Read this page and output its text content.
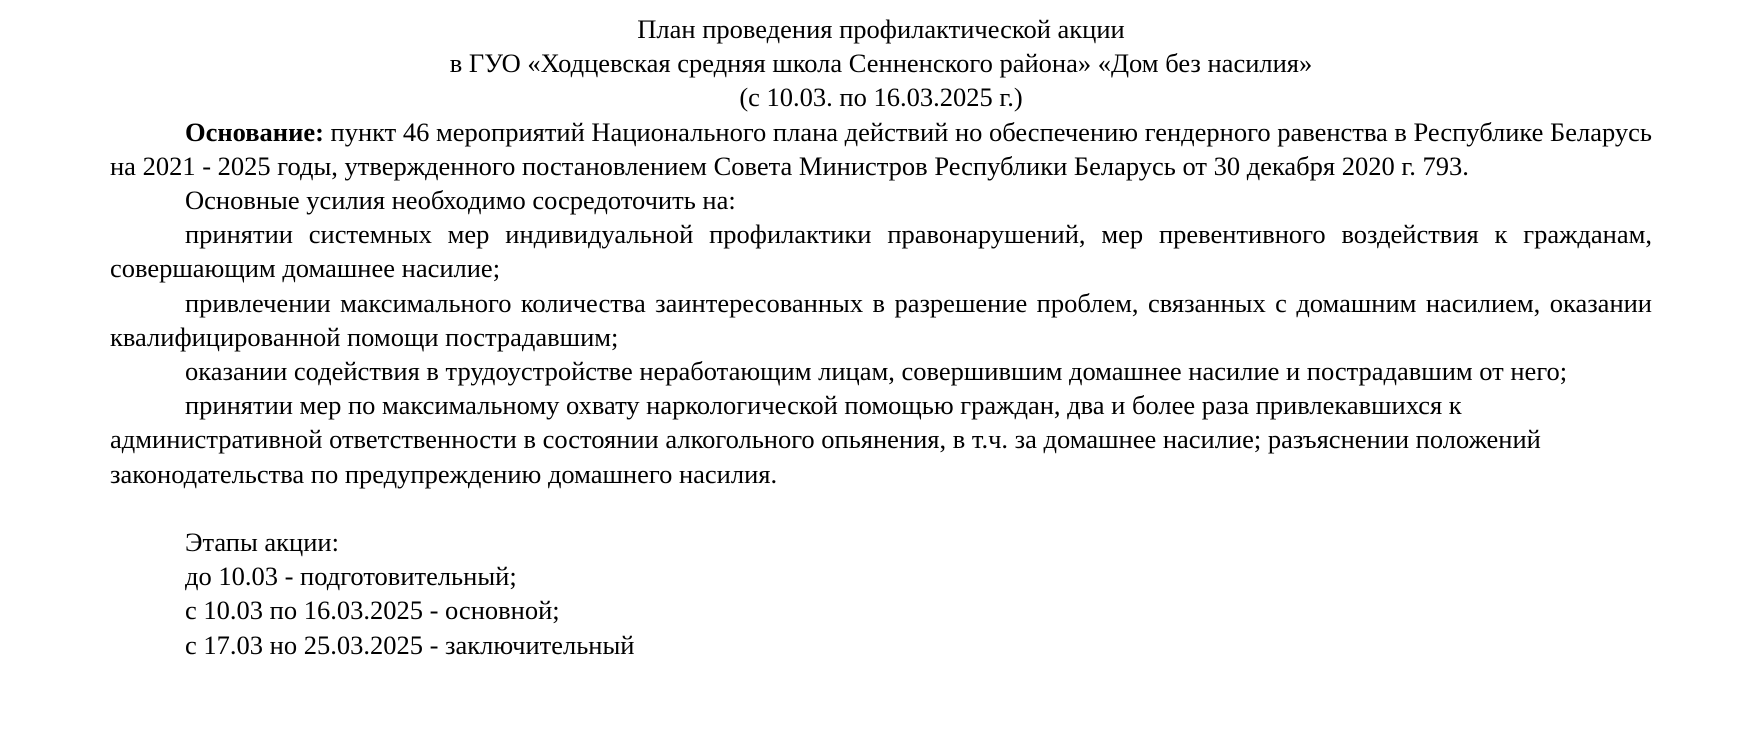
План проведения профилактической акции

в ГУО «Ходцевская средняя школа Сенненского района» «Дом без насилия»

(с 10.03. по 16.03.2025 г.)

Основание: пункт 46 мероприятий Национального плана действий но обеспечению гендерного равенства в Республике Беларусь на 2021 - 2025 годы, утвержденного постановлением Совета Министров Республики Беларусь от 30 декабря 2020 г. 793.

Основные усилия необходимо сосредоточить на:

принятии системных мер индивидуальной профилактики правонарушений, мер превентивного воздействия к гражданам, совершающим домашнее насилие;

привлечении максимального количества заинтересованных в разрешение проблем, связанных с домашним насилием, оказании квалифицированной помощи пострадавшим;

оказании содействия в трудоустройстве неработающим лицам, совершившим домашнее насилие и пострадавшим от него;

принятии мер по максимальному охвату наркологической помощью граждан, два и более раза привлекавшихся к административной ответственности в состоянии алкогольного опьянения, в т.ч. за домашнее насилие; разъяснении положений законодательства по предупреждению домашнего насилия.

Этапы акции:

до 10.03 - подготовительный;

с 10.03 по 16.03.2025 - основной;

с 17.03 но 25.03.2025 - заключительный
